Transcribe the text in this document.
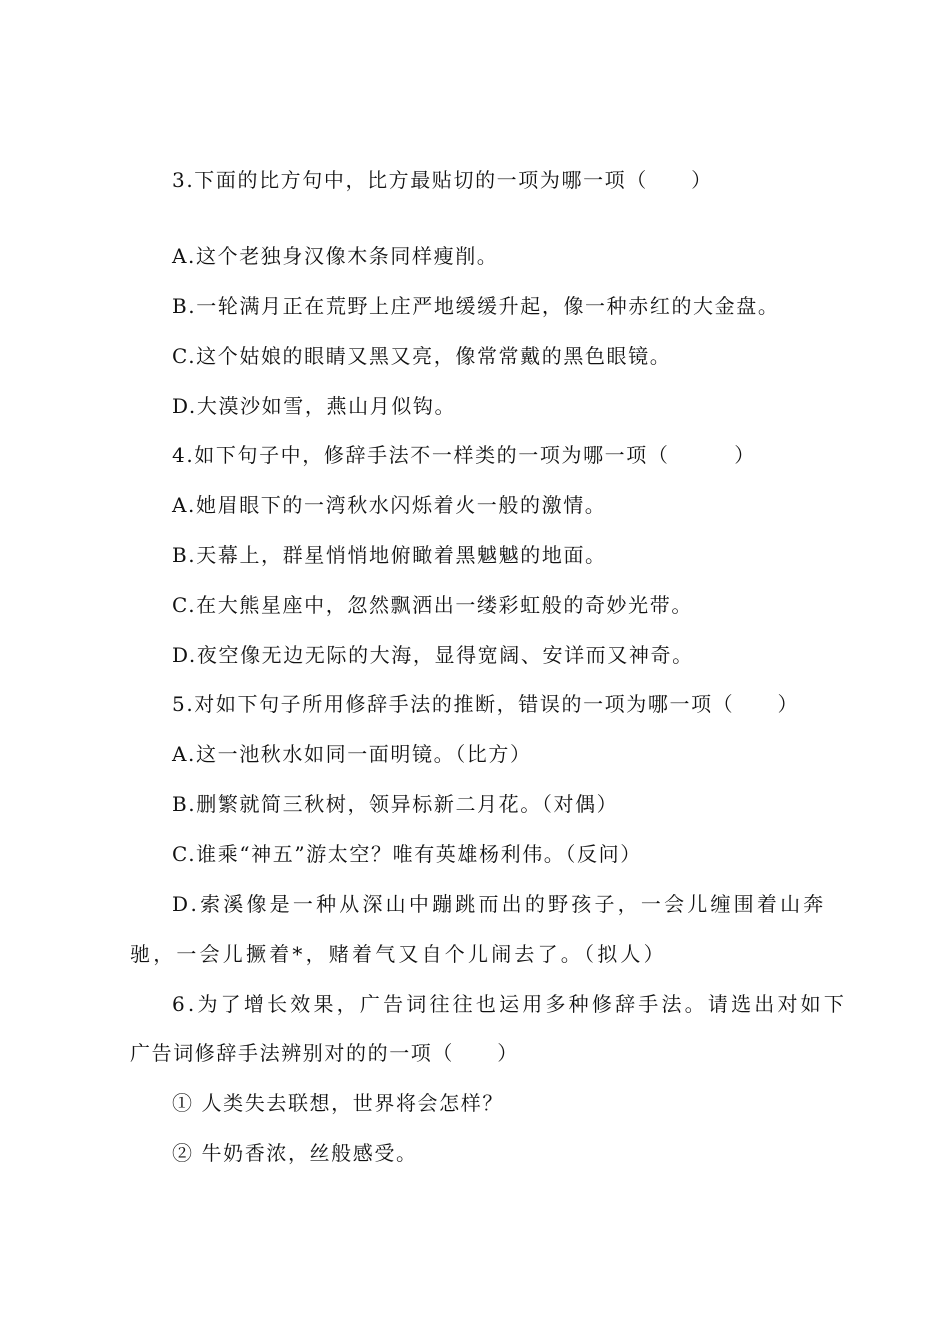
3.下面的比方句中，比方最贴切的一项为哪一项（　　）
A.这个老独身汉像木条同样瘦削。
B.一轮满月正在荒野上庄严地缓缓升起，像一种赤红的大金盘。
C.这个姑娘的眼睛又黑又亮，像常常戴的黑色眼镜。
D.大漠沙如雪，燕山月似钩。
4.如下句子中，修辞手法不一样类的一项为哪一项（　　　）
A.她眉眼下的一湾秋水闪烁着火一般的激情。
B.天幕上，群星悄悄地俯瞰着黑魆魆的地面。
C.在大熊星座中，忽然飘洒出一缕彩虹般的奇妙光带。
D.夜空像无边无际的大海，显得宽阔、安详而又神奇。
5.对如下句子所用修辞手法的推断，错误的一项为哪一项（　　）
A.这一池秋水如同一面明镜。（比方）
B.删繁就简三秋树，领异标新二月花。（对偶）
C.谁乘“神五”游太空？唯有英雄杨利伟。（反问）
D.索溪像是一种从深山中蹦跳而出的野孩子，一会儿缠围着山奔
驰，一会儿撅着*，赌着气又自个儿闹去了。（拟人）
6.为了增长效果，广告词往往也运用多种修辞手法。请选出对如下
广告词修辞手法辨别对的的一项（　　）
① 人类失去联想，世界将会怎样？
② 牛奶香浓，丝般感受。
